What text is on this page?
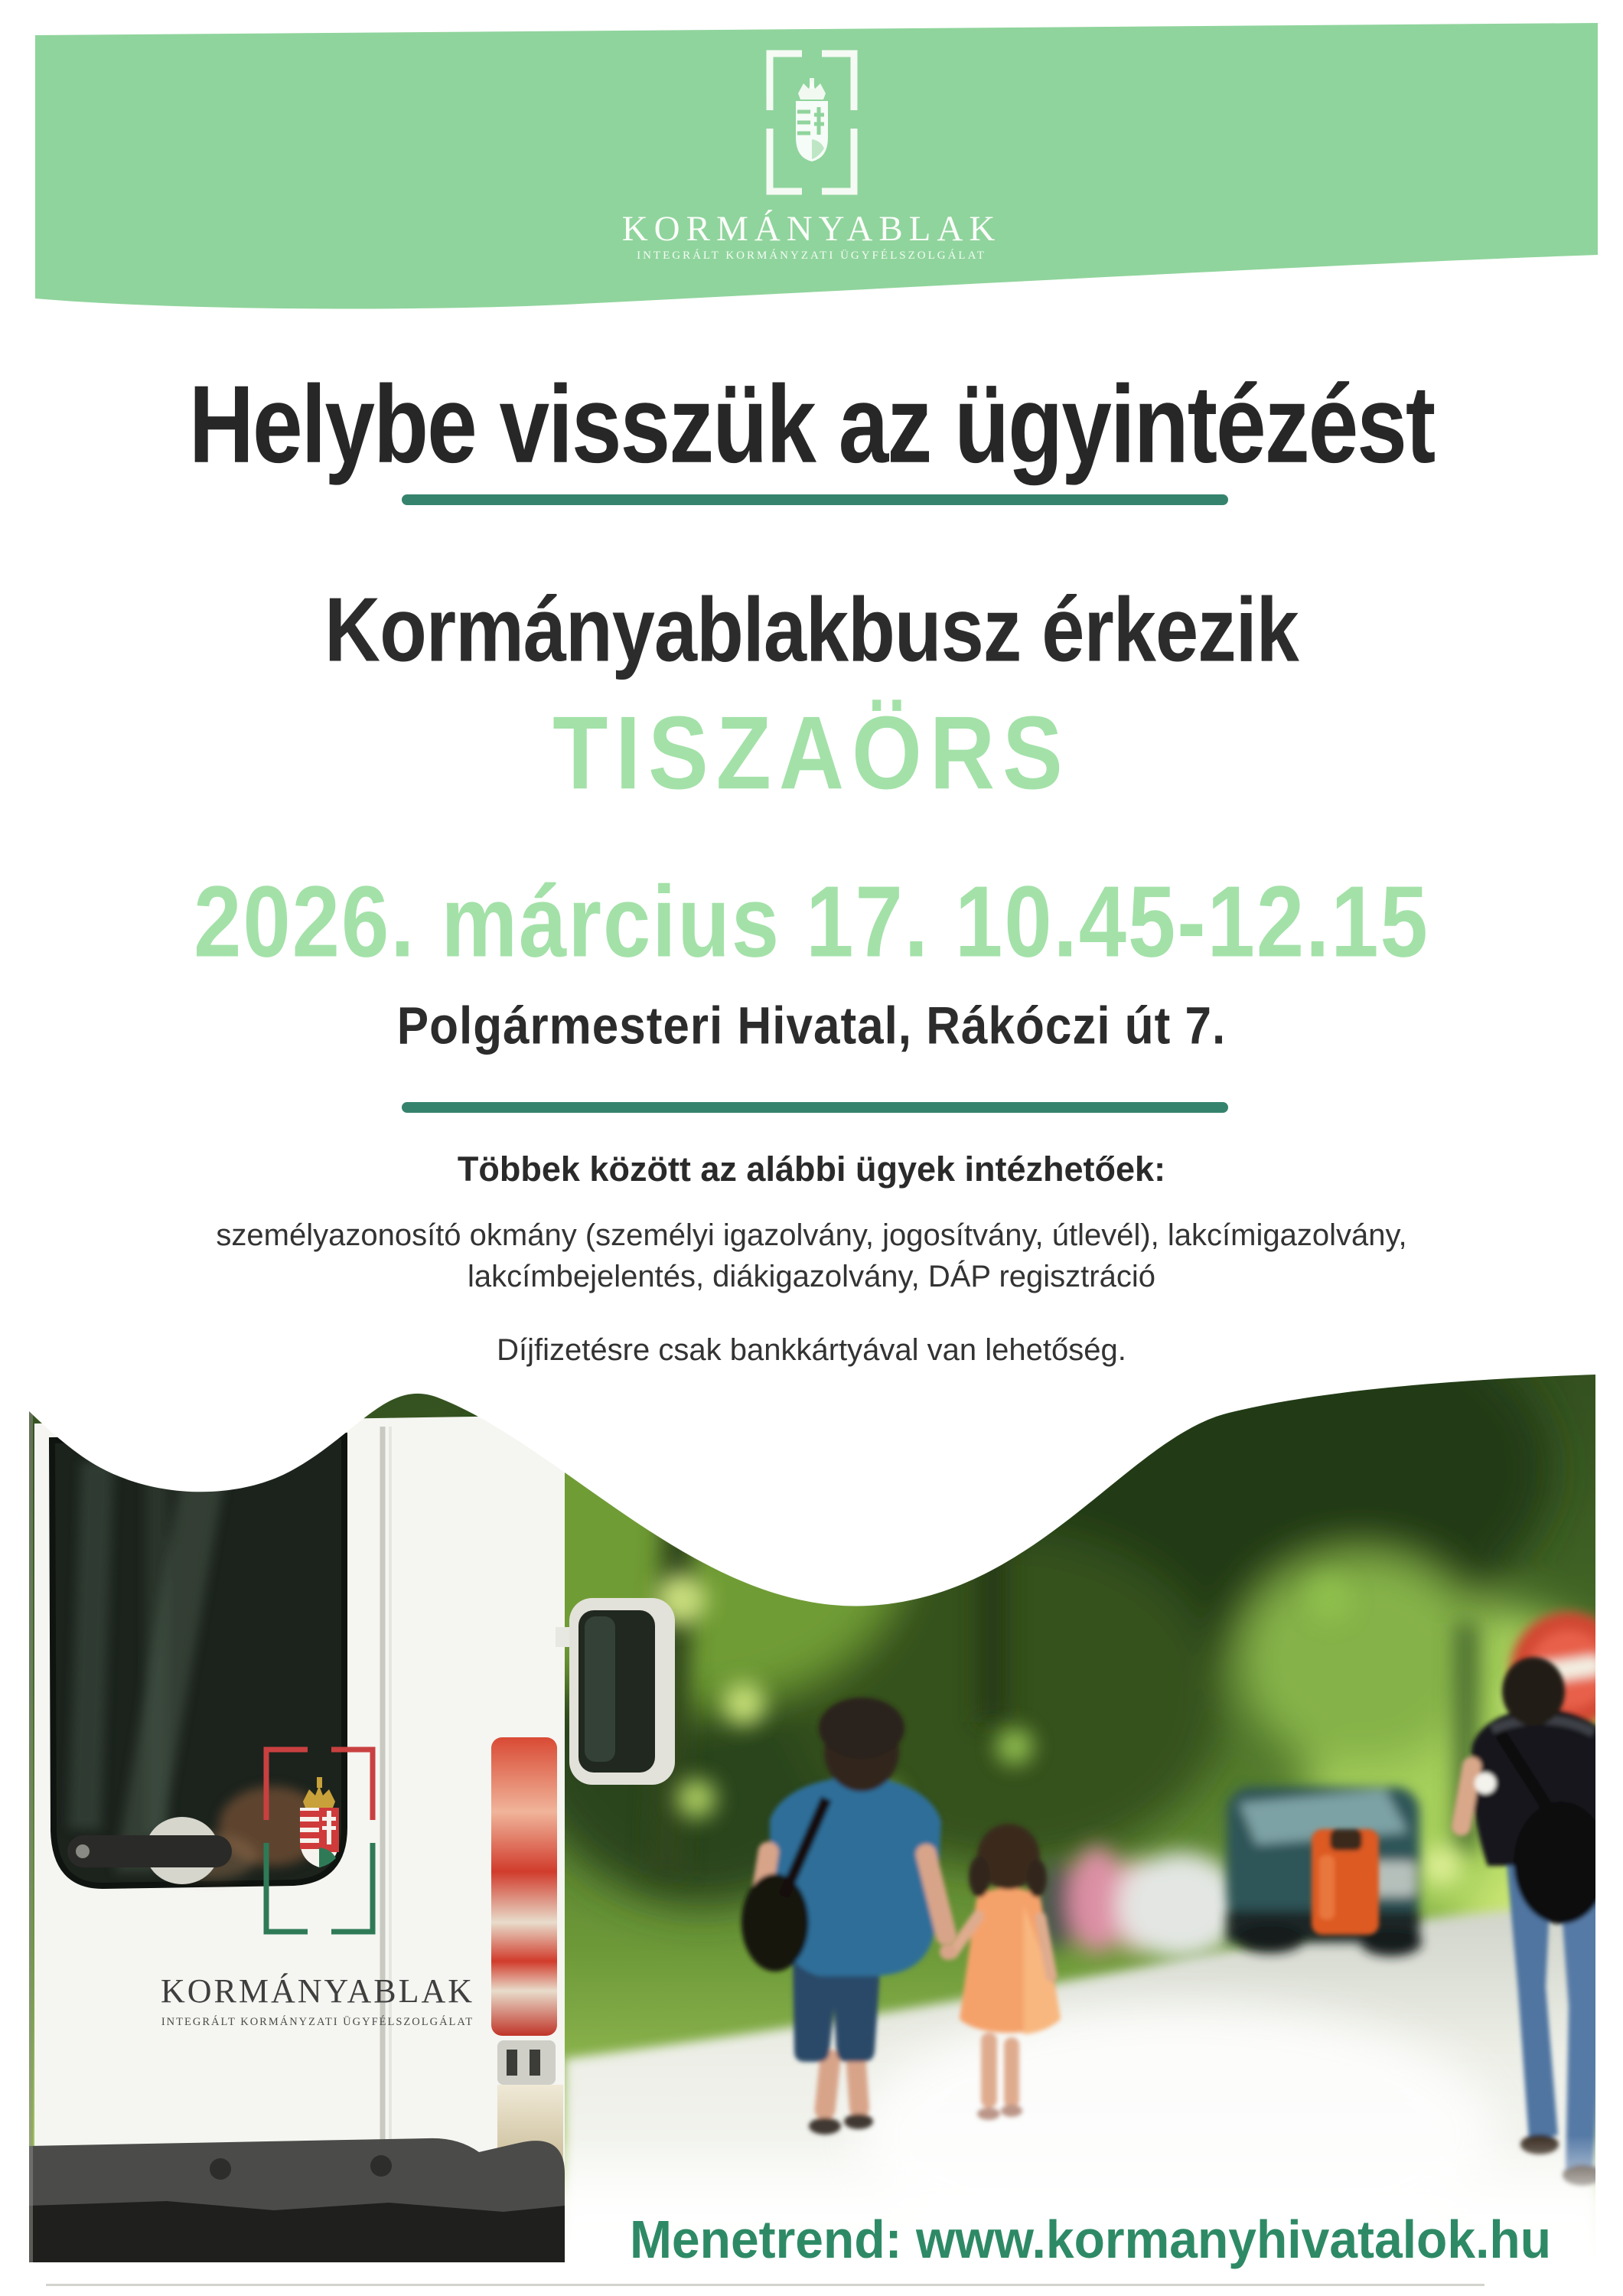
KORMÁNYABLAK
INTEGRÁLT KORMÁNYZATI ÜGYFÉLSZOLGÁLAT
Helybe visszük az ügyintézést
Kormányablakbusz érkezik
TISZAÖRS
2026. március 17. 10.45-12.15
Polgármesteri Hivatal, Rákóczi út 7.
Többek között az alábbi ügyek intézhetőek:
személyazonosító okmány (személyi igazolvány, jogosítvány, útlevél), lakcímigazolvány,
lakcímbejelentés, diákigazolvány, DÁP regisztráció
Díjfizetésre csak bankkártyával van lehetőség.
KORMÁNYABLAK
INTEGRÁLT KORMÁNYZATI ÜGYFÉLSZOLGÁLAT
Menetrend: www.kormanyhivatalok.hu
